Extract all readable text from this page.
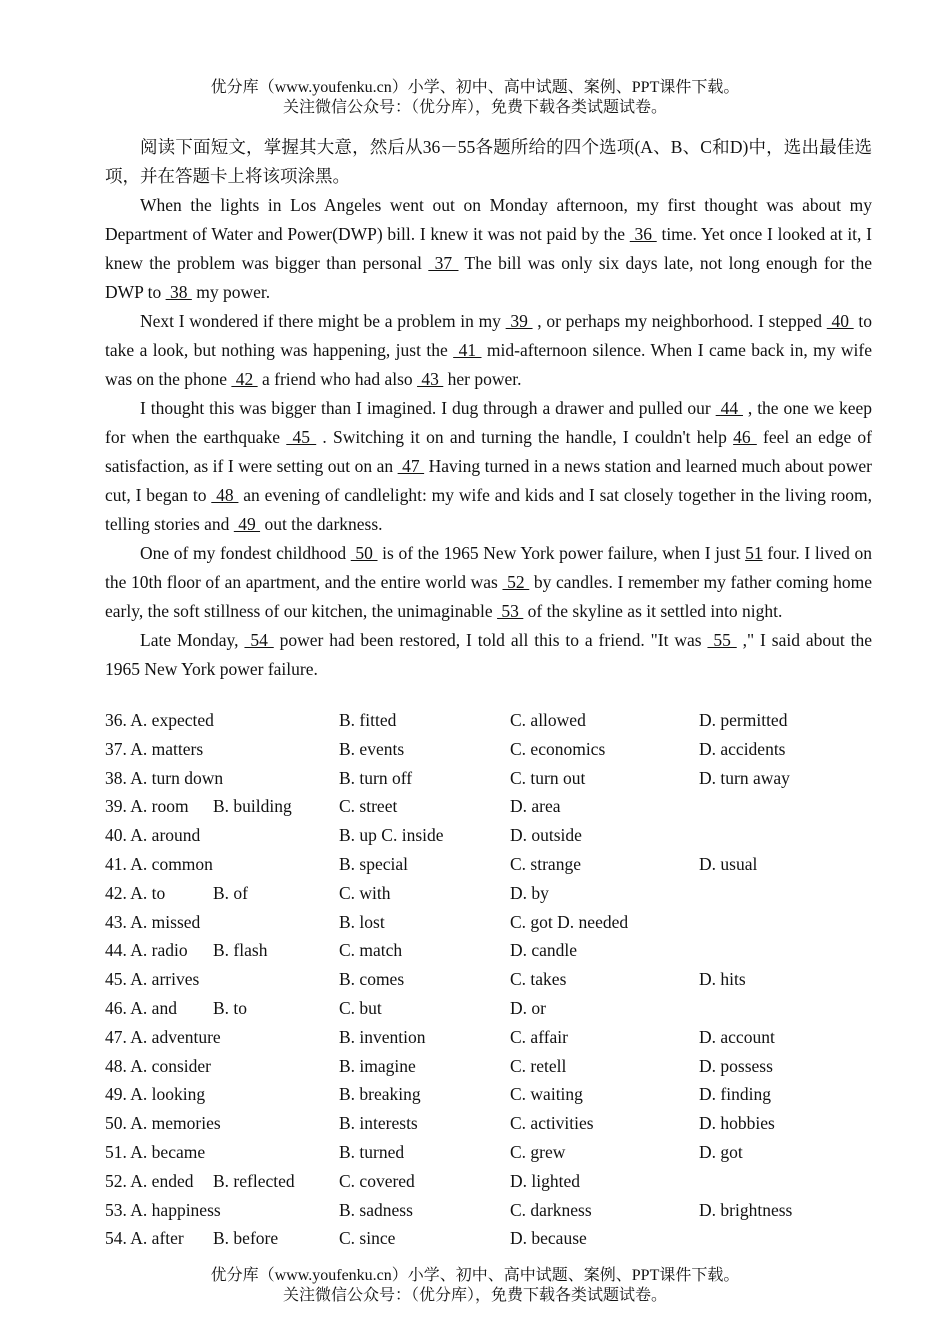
优分库（www.youfenku.cn）小学、初中、高中试题、案例、PPT课件下载。
关注微信公众号：（优分库），免费下载各类试题试卷。

阅读下面短文，掌握其大意，然后从36－55各题所给的四个选项(A、B、C和D)中，选出最佳选项，并在答题卡上将该项涂黑。

When the lights in Los Angeles went out on Monday afternoon, my first thought was about my Department of Water and Power(DWP) bill. I knew it was not paid by the  36  time. Yet once I looked at it, I knew the problem was bigger than personal  37  The bill was only six days late, not long enough for the DWP to  38  my power.

Next I wondered if there might be a problem in my  39  , or perhaps my neighborhood. I stepped  40  to take a look, but nothing was happening, just the  41  mid-afternoon silence. When I came back in, my wife was on the phone  42  a friend who had also  43  her power.

I thought this was bigger than I imagined. I dug through a drawer and pulled our  44  , the one we keep for when the earthquake  45  . Switching it on and turning the handle, I couldn't help 46  feel an edge of satisfaction, as if I were setting out on an  47  Having turned in a news station and learned much about power cut, I began to  48  an evening of candlelight: my wife and kids and I sat closely together in the living room, telling stories and  49  out the darkness.

One of my fondest childhood  50  is of the 1965 New York power failure, when I just 51 four. I lived on the 10th floor of an apartment, and the entire world was  52  by candles. I remember my father coming home early, the soft stillness of our kitchen, the unimaginable  53  of the skyline as it settled into night.

Late Monday,  54  power had been restored, I told all this to a friend. "It was  55  ," I said about the 1965 New York power failure.

36. A. expected	B. fitted	C. allowed	D. permitted
37. A. matters	B. events	C. economics	D. accidents
38. A. turn down	B. turn off	C. turn out	D. turn away
39. A. room B. building	C. street	D. area
40. A. around	B. up C. inside	D. outside
41. A. common	B. special	C. strange	D. usual
42. A. to	B. of	C. with	D. by
43. A. missed	B. lost	C. got D. needed
44. A. radio B. flash	C. match	D. candle
45. A. arrives	B. comes	C. takes	D. hits
46. A. and B. to	C. but	D. or
47. A. adventure	B. invention	C. affair	D. account
48. A. consider	B. imagine	C. retell	D. possess
49. A. looking	B. breaking	C. waiting	D. finding
50. A. memories	B. interests	C. activities	D. hobbies
51. A. became	B. turned	C. grew	D. got
52. A. ended B. reflected	C. covered	D. lighted
53. A. happiness	B. sadness	C. darkness	D. brightness
54. A. after B. before	C. since	D. because
优分库（www.youfenku.cn）小学、初中、高中试题、案例、PPT课件下载。
关注微信公众号：（优分库），免费下载各类试题试卷。
